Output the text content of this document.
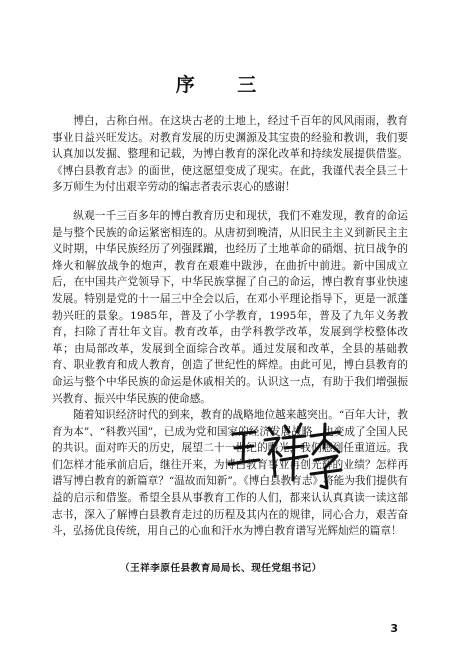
序 三

博白，古称白州。在这块古老的土地上，经过千百年的风风雨雨，教育事业日益兴旺发达。对教育发展的历史渊源及其宝贵的经验和教训，我们要认真加以发掘、整理和记载，为博白教育的深化改革和持续发展提供借鉴。《博白县教育志》的面世，使这愿望变成了现实。在此，我谨代表全县三十多万师生为付出艰辛劳动的编志者表示衷心的感谢！

纵观一千三百多年的博白教育历史和现状，我们不难发现，教育的命运是与整个民族的命运紧密相连的。从唐初到晚清，从旧民主主义到新民主主义时期，中华民族经历了列强蹂躏，也经历了土地革命的硝烟、抗日战争的烽火和解放战争的炮声，教育在艰难中跋涉，在曲折中前进。新中国成立后，在中国共产党领导下，中华民族掌握了自己的命运，博白教育事业快速发展。特别是党的十一届三中全会以后，在邓小平理论指导下，更是一派蓬勃兴旺的景象。1985年，普及了小学教育，1995年，普及了九年义务教育，扫除了青壮年文盲。教育改革，由学科教学改革，发展到学校整体改革；由局部改革，发展到全面综合改革。通过发展和改革，全县的基础教育、职业教育和成人教育，创造了世纪性的辉煌。由此可见，博白县教育的命运与整个中华民族的命运是休戚相关的。认识这一点，有助于我们增强振兴教育、振兴中华民族的使命感。

随着知识经济时代的到来，教育的战略地位越来越突出。“百年大计，教育为本”、“科教兴国”，已成为党和国家的经济发展战略，也变成了全国人民的共识。面对昨天的历史，展望二十一世纪的曙光，我们感到任重道远。我们怎样才能承前启后，继往开来，为博白教育事业再创光辉的业绩？怎样再谱写博白教育的新篇章？“温故而知新”。《博白县教育志》将能为我们提供有益的启示和借鉴。希望全县从事教育工作的人们，都来认认真真读一读这部志书，深入了解博白县教育走过的历程及其内在的规律，同心合力，艰苦奋斗，弘扬优良传统，用自己的心血和汗水为博白教育谱写光辉灿烂的篇章！

（王祥李原任县教育局局长、现任党组书记）
3
